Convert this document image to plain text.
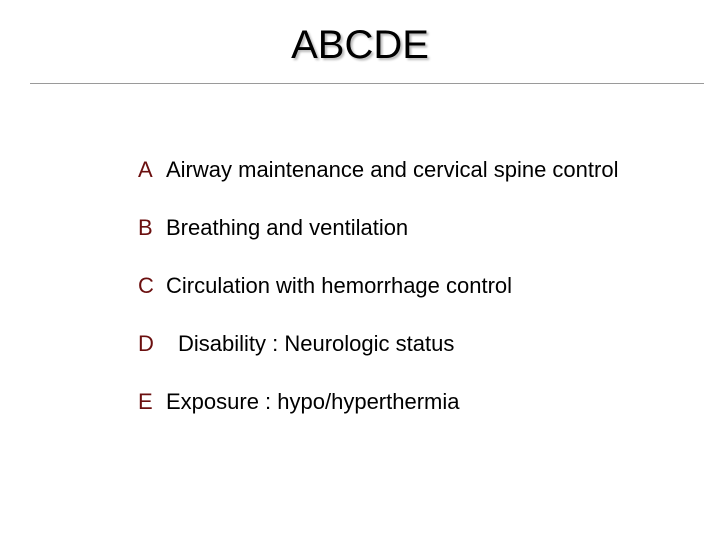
ABCDE
A Airway maintenance and cervical spine control
B Breathing and ventilation
C Circulation with hemorrhage control
D	Disability : Neurologic status
E Exposure : hypo/hyperthermia
